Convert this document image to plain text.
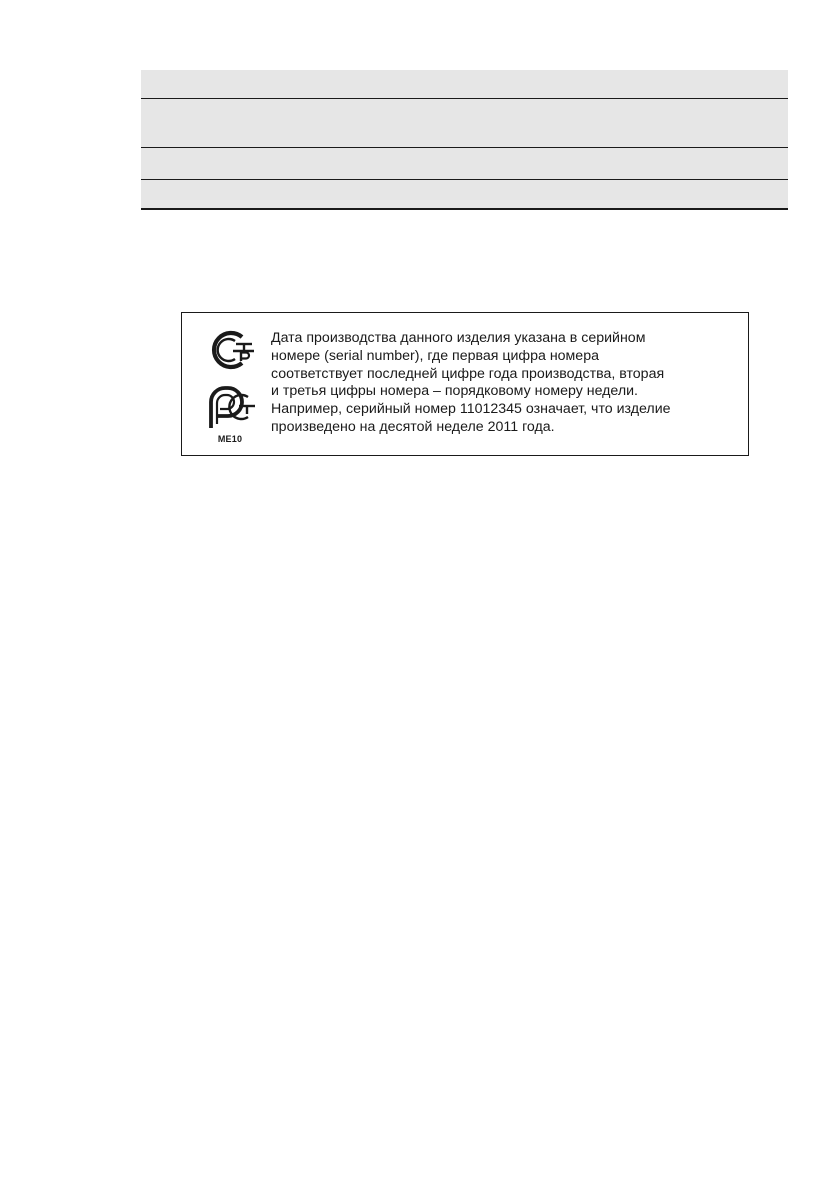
МЕ10
Дата производства данного изделия указана в серийном
номере (serial number), где первая цифра номера
соответствует последней цифре года производства, вторая
и третья цифры номера – порядковому номеру недели.
Например, серийный номер 11012345 означает, что изделие
произведено на десятой неделе 2011 года.
